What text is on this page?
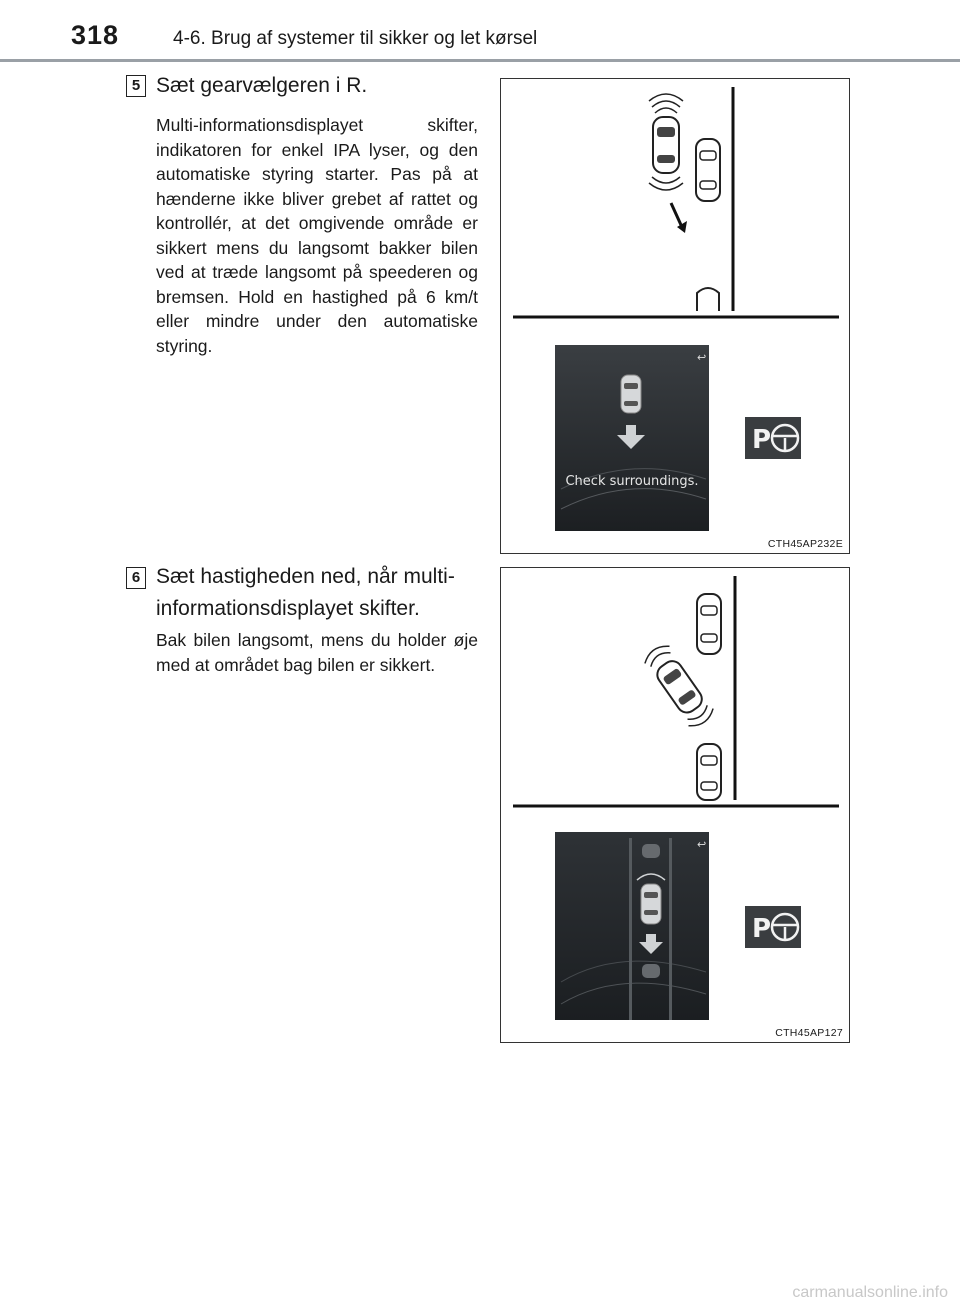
318	4-6. Brug af systemer til sikker og let kørsel
5 Sæt gearvælgeren i R.
Multi-informationsdisplayet skifter, indikatoren for enkel IPA lyser, og den automatiske styring starter. Pas på at hænderne ikke bliver grebet af rattet og kontrollér, at det omgivende område er sikkert mens du langsomt bakker bilen ved at træde langsomt på speederen og bremsen. Hold en hastighed på 6 km/t eller mindre under den automatiske styring.
↩
Check surroundings.
P
CTH45AP232E
6 Sæt hastigheden ned, når multi-informationsdisplayet skifter.
Bak bilen langsomt, mens du holder øje med at området bag bilen er sikkert.
↩
P
CTH45AP127
carmanualsonline.info
